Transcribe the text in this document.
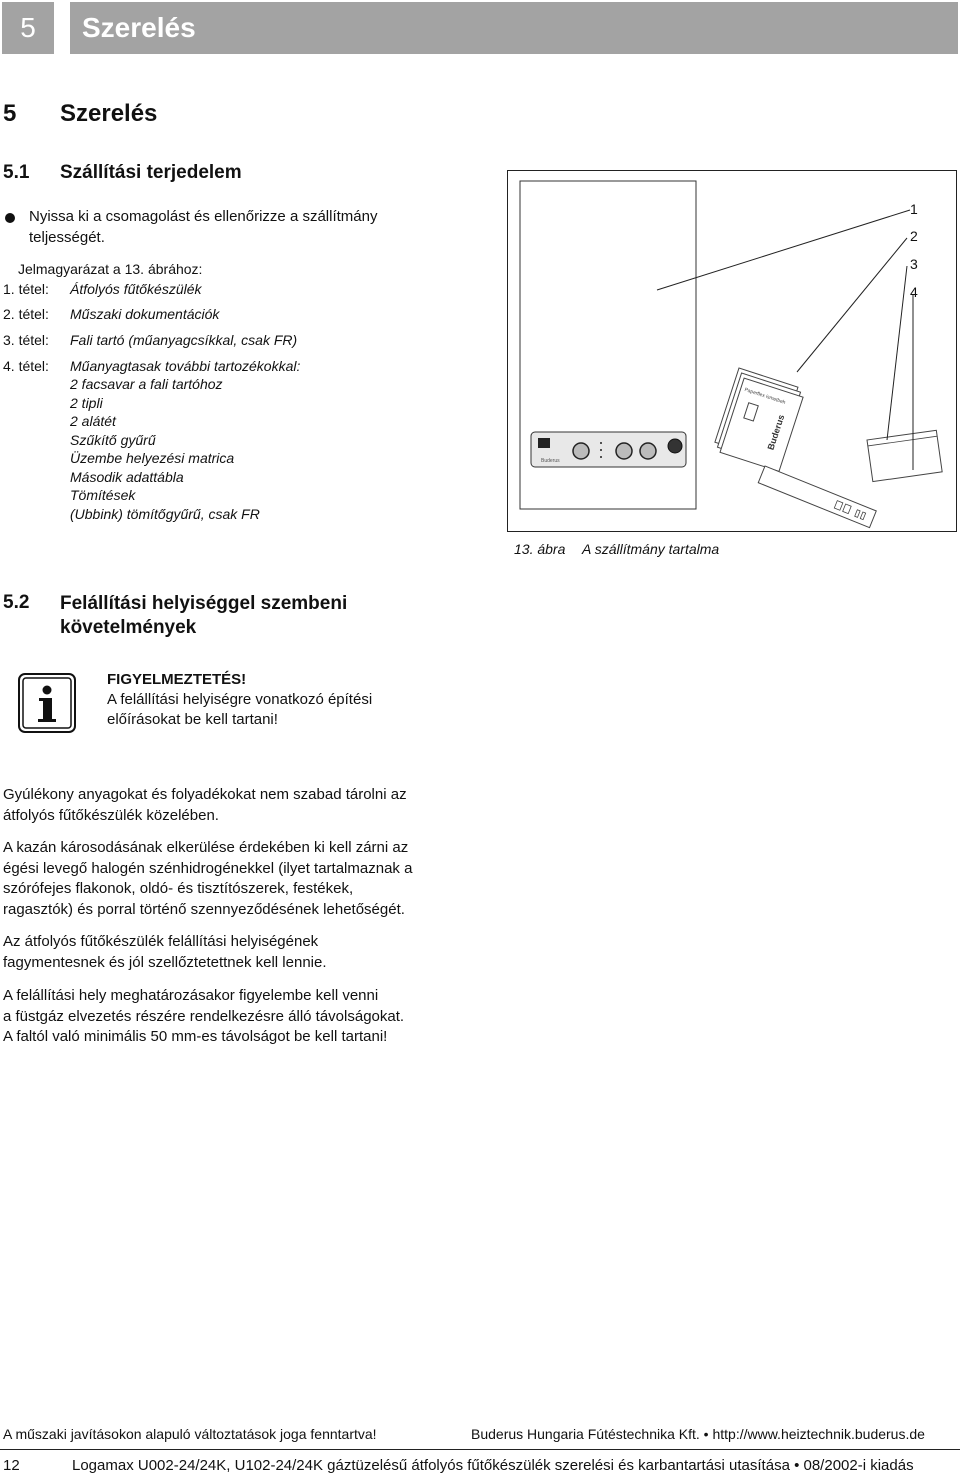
5 Szerelés
5 Szerelés
5.1 Szállítási terjedelem
Nyissa ki a csomagolást és ellenőrizze a szállítmány
teljességét.
Jelmagyarázat a 13. ábrához:
1. tétel: Átfolyós fűtőkészülék
2. tétel: Műszaki dokumentációk
3. tétel: Fali tartó (műanyagcsíkkal, csak FR)
4. tétel: Műanyagtasak további tartozékokkal:
2 facsavar a fali tartóhoz
2 tipli
2 alátét
Szűkítő gyűrű
Üzembe helyezési matrica
Második adattábla
Tömítések
(Ubbink) tömítőgyűrű, csak FR
Buderus
Paperflex ismetbeh
Buderus
1
2
3
4
13. ábra A szállítmány tartalma
5.2 Felállítási helyiséggel szembeni
követelmények
FIGYELMEZTETÉS!
A felállítási helyiségre vonatkozó építési
előírásokat be kell tartani!
Gyúlékony anyagokat és folyadékokat nem szabad tárolni az
átfolyós fűtőkészülék közelében.
A kazán károsodásának elkerülése érdekében ki kell zárni az
égési levegő halogén szénhidrogénekkel (ilyet tartalmaznak a
szórófejes flakonok, oldó- és tisztítószerek, festékek,
ragasztók) és porral történő szennyeződésének lehetőségét.
Az átfolyós fűtőkészülék felállítási helyiségének
fagymentesnek és jól szellőztetettnek kell lennie.
A felállítási hely meghatározásakor figyelembe kell venni
a füstgáz elvezetés részére rendelkezésre álló távolságokat.
A faltól való minimális 50 mm-es távolságot be kell tartani!
A műszaki javításokon alapuló változtatások joga fenntartva!	Buderus Hungaria Fútéstechnika Kft. • http://www.heiztechnik.buderus.de
12	Logamax U002-24/24K, U102-24/24K gáztüzelésű átfolyós fűtőkészülék szerelési és karbantartási utasítása • 08/2002-i kiadás
